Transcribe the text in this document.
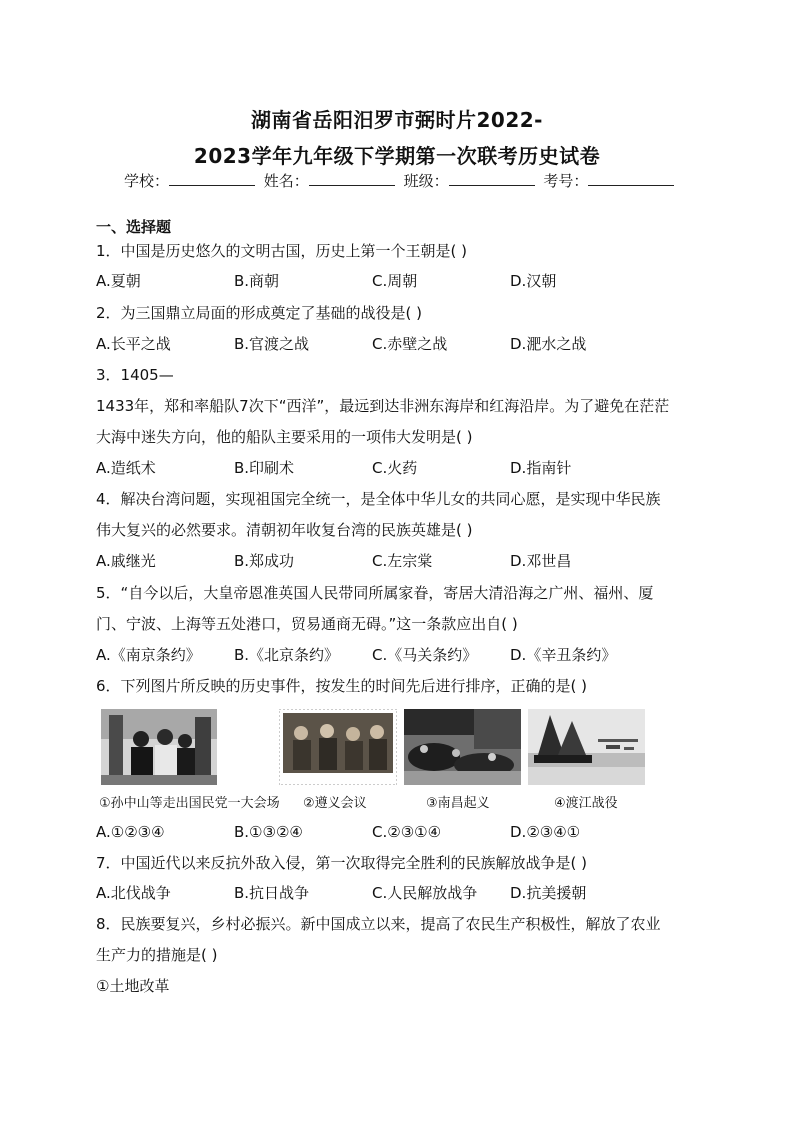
湖南省岳阳汨罗市弼时片2022-
2023学年九年级下学期第一次联考历史试卷
学校：	姓名：	班级：	考号：
一、选择题
1．中国是历史悠久的文明古国，历史上第一个王朝是( )
A.夏朝	B.商朝	C.周朝	D.汉朝
2．为三国鼎立局面的形成奠定了基础的战役是( )
A.长平之战	B.官渡之战	C.赤壁之战	D.淝水之战
3．1405—
1433年，郑和率船队7次下“西洋”，最远到达非洲东海岸和红海沿岸。为了避免在茫茫
大海中迷失方向，他的船队主要采用的一项伟大发明是( )
A.造纸术	B.印刷术	C.火药	D.指南针
4．解决台湾问题，实现祖国完全统一，是全体中华儿女的共同心愿，是实现中华民族
伟大复兴的必然要求。清朝初年收复台湾的民族英雄是( )
A.戚继光	B.郑成功	C.左宗棠	D.邓世昌
5．“自今以后，大皇帝恩准英国人民带同所属家眷，寄居大清沿海之广州、福州、厦
门、宁波、上海等五处港口，贸易通商无碍。”这一条款应出自( )
A.《南京条约》 B.《北京条约》 C.《马关条约》 D.《辛丑条约》
6．下列图片所反映的历史事件，按发生的时间先后进行排序，正确的是( )
①孙中山等走出国民党一大会场 ②遵义会议	③南昌起义	④渡江战役
A.①②③④	B.①③②④	C.②③①④	D.②③④①
7．中国近代以来反抗外敌入侵，第一次取得完全胜利的民族解放战争是( )
A.北伐战争	B.抗日战争	C.人民解放战争 D.抗美援朝
8．民族要复兴，乡村必振兴。新中国成立以来，提高了农民生产积极性，解放了农业
生产力的措施是( )
①土地改革
